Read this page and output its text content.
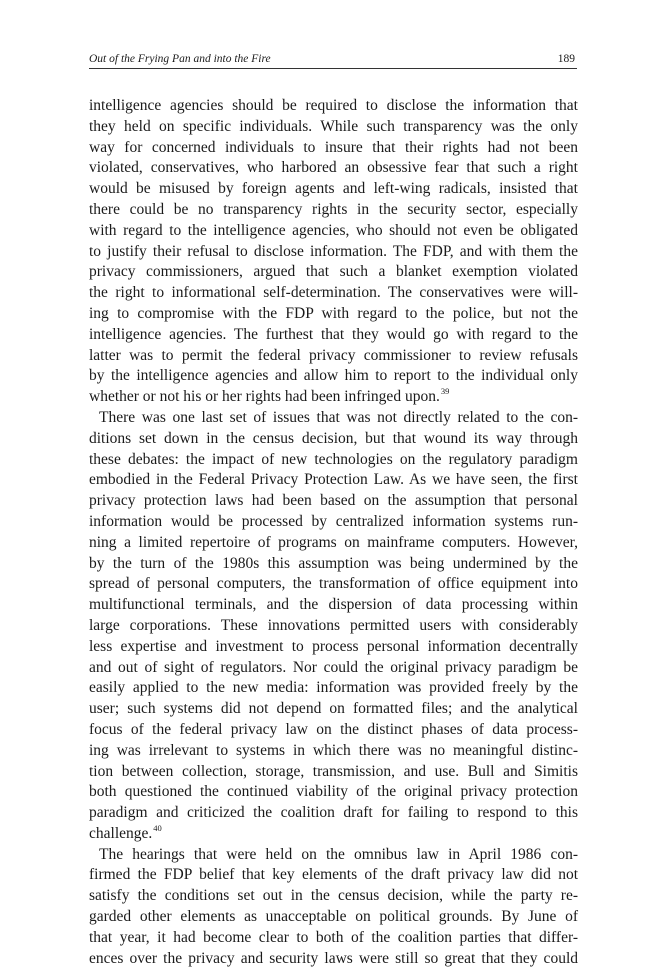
Out of the Frying Pan and into the Fire	189
intelligence agencies should be required to disclose the information that
they held on specific individuals. While such transparency was the only
way for concerned individuals to insure that their rights had not been
violated, conservatives, who harbored an obsessive fear that such a right
would be misused by foreign agents and left-wing radicals, insisted that
there could be no transparency rights in the security sector, especially
with regard to the intelligence agencies, who should not even be obligated
to justify their refusal to disclose information. The FDP, and with them the
privacy commissioners, argued that such a blanket exemption violated
the right to informational self-determination. The conservatives were will-
ing to compromise with the FDP with regard to the police, but not the
intelligence agencies. The furthest that they would go with regard to the
latter was to permit the federal privacy commissioner to review refusals
by the intelligence agencies and allow him to report to the individual only
whether or not his or her rights had been infringed upon.$^{39}$
There was one last set of issues that was not directly related to the con-
ditions set down in the census decision, but that wound its way through
these debates: the impact of new technologies on the regulatory paradigm
embodied in the Federal Privacy Protection Law. As we have seen, the first
privacy protection laws had been based on the assumption that personal
information would be processed by centralized information systems run-
ning a limited repertoire of programs on mainframe computers. However,
by the turn of the 1980s this assumption was being undermined by the
spread of personal computers, the transformation of office equipment into
multifunctional terminals, and the dispersion of data processing within
large corporations. These innovations permitted users with considerably
less expertise and investment to process personal information decentrally
and out of sight of regulators. Nor could the original privacy paradigm be
easily applied to the new media: information was provided freely by the
user; such systems did not depend on formatted files; and the analytical
focus of the federal privacy law on the distinct phases of data process-
ing was irrelevant to systems in which there was no meaningful distinc-
tion between collection, storage, transmission, and use. Bull and Simitis
both questioned the continued viability of the original privacy protection
paradigm and criticized the coalition draft for failing to respond to this
challenge.$^{40}$
The hearings that were held on the omnibus law in April 1986 con-
firmed the FDP belief that key elements of the draft privacy law did not
satisfy the conditions set out in the census decision, while the party re-
garded other elements as unacceptable on political grounds. By June of
that year, it had become clear to both of the coalition parties that differ-
ences over the privacy and security laws were still so great that they could
